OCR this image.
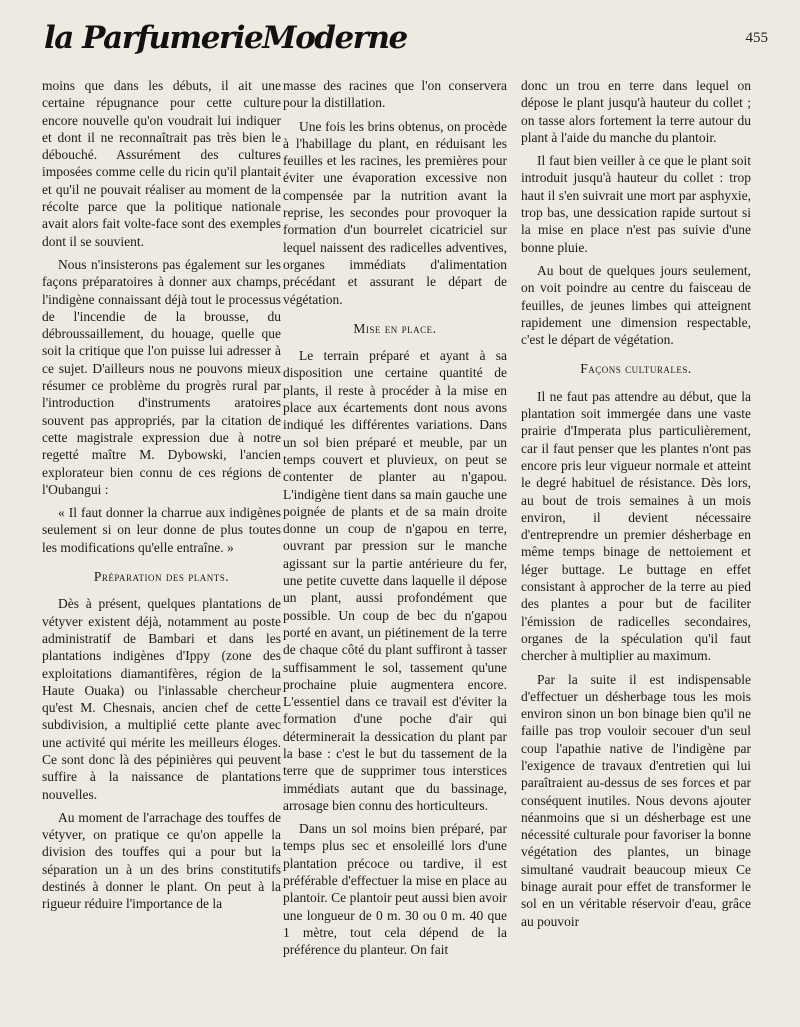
la ParfumerieModerne	455

moins que dans les débuts, il ait une certaine répugnance pour cette culture encore nouvelle qu'on voudrait lui indiquer et dont il ne reconnaîtrait pas très bien le débouché. Assurément des cultures imposées comme celle du ricin qu'il plantait et qu'il ne pouvait réaliser au moment de la récolte parce que la politique nationale avait alors fait volte-face sont des exemples dont il se souvient.

Nous n'insisterons pas également sur les façons préparatoires à donner aux champs, l'indigène connaissant déjà tout le processus de l'incendie de la brousse, du débroussaillement, du houage, quelle que soit la critique que l'on puisse lui adresser à ce sujet. D'ailleurs nous ne pouvons mieux résumer ce problème du progrès rural par l'introduction d'instruments aratoires souvent pas appropriés, par la citation de cette magistrale expression due à notre regetté maître M. Dybowski, l'ancien explorateur bien connu de ces régions de l'Oubangui :

« Il faut donner la charrue aux indigènes seulement si on leur donne de plus toutes les modifications qu'elle entraîne. »

Préparation des plants.

Dès à présent, quelques plantations de vétyver existent déjà, notamment au poste administratif de Bambari et dans les plantations indigènes d'Ippy (zone des exploitations diamantifères, région de la Haute Ouaka) ou l'inlassable chercheur qu'est M. Chesnais, ancien chef de cette subdivision, a multiplié cette plante avec une activité qui mérite les meilleurs éloges. Ce sont donc là des pépinières qui peuvent suffire à la naissance de plantations nouvelles.

Au moment de l'arrachage des touffes de vétyver, on pratique ce qu'on appelle la division des touffes qui a pour but la séparation un à un des brins constitutifs destinés à donner le plant. On peut à la rigueur réduire l'importance de la

masse des racines que l'on conservera pour la distillation.

Une fois les brins obtenus, on procède à l'habillage du plant, en réduisant les feuilles et les racines, les premières pour éviter une évaporation excessive non compensée par la nutrition avant la reprise, les secondes pour provoquer la formation d'un bourrelet cicatriciel sur lequel naissent des radicelles adventives, organes immédiats d'alimentation précédant et assurant le départ de végétation.

Mise en place.

Le terrain préparé et ayant à sa disposition une certaine quantité de plants, il reste à procéder à la mise en place aux écartements dont nous avons indiqué les différentes variations. Dans un sol bien préparé et meuble, par un temps couvert et pluvieux, on peut se contenter de planter au n'gapou. L'indigène tient dans sa main gauche une poignée de plants et de sa main droite donne un coup de n'gapou en terre, ouvrant par pression sur le manche agissant sur la partie antérieure du fer, une petite cuvette dans laquelle il dépose un plant, aussi profondément que possible. Un coup de bec du n'gapou porté en avant, un piétinement de la terre de chaque côté du plant suffiront à tasser suffisamment le sol, tassement qu'une prochaine pluie augmentera encore. L'essentiel dans ce travail est d'éviter la formation d'une poche d'air qui déterminerait la dessication du plant par la base : c'est le but du tassement de la terre que de supprimer tous interstices immédiats autant que du bassinage, arrosage bien connu des horticulteurs.

Dans un sol moins bien préparé, par temps plus sec et ensoleillé lors d'une plantation précoce ou tardive, il est préférable d'effectuer la mise en place au plantoir. Ce plantoir peut aussi bien avoir une longueur de 0 m. 30 ou 0 m. 40 que 1 mètre, tout cela dépend de la préférence du planteur. On fait

donc un trou en terre dans lequel on dépose le plant jusqu'à hauteur du collet ; on tasse alors fortement la terre autour du plant à l'aide du manche du plantoir.

Il faut bien veiller à ce que le plant soit introduit jusqu'à hauteur du collet : trop haut il s'en suivrait une mort par asphyxie, trop bas, une dessication rapide surtout si la mise en place n'est pas suivie d'une bonne pluie.

Au bout de quelques jours seulement, on voit poindre au centre du faisceau de feuilles, de jeunes limbes qui atteignent rapidement une dimension respectable, c'est le départ de végétation.

Façons culturales.

Il ne faut pas attendre au début, que la plantation soit immergée dans une vaste prairie d'Imperata plus particulièrement, car il faut penser que les plantes n'ont pas encore pris leur vigueur normale et atteint le degré habituel de résistance. Dès lors, au bout de trois semaines à un mois environ, il devient nécessaire d'entreprendre un premier désherbage en même temps binage de nettoiement et léger buttage. Le buttage en effet consistant à approcher de la terre au pied des plantes a pour but de faciliter l'émission de radicelles secondaires, organes de la spéculation qu'il faut chercher à multiplier au maximum.

Par la suite il est indispensable d'effectuer un désherbage tous les mois environ sinon un bon binage bien qu'il ne faille pas trop vouloir secouer d'un seul coup l'apathie native de l'indigène par l'exigence de travaux d'entretien qui lui paraîtraient au-dessus de ses forces et par conséquent inutiles. Nous devons ajouter néanmoins que si un désherbage est une nécessité culturale pour favoriser la bonne végétation des plantes, un binage simultané vaudrait beaucoup mieux Ce binage aurait pour effet de transformer le sol en un véritable réservoir d'eau, grâce au pouvoir
